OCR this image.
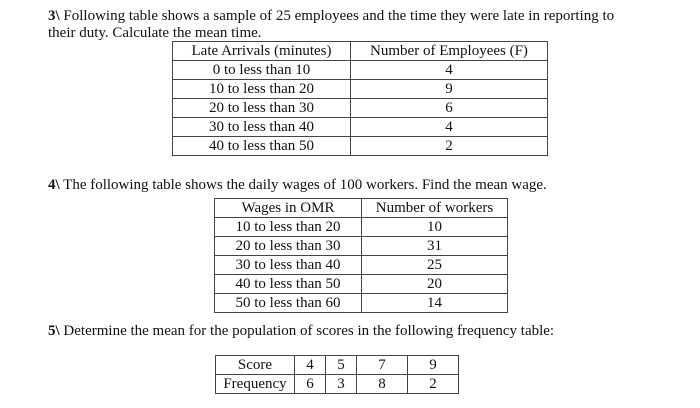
3\ Following table shows a sample of 25 employees and the time they were late in reporting to
their duty. Calculate the mean time.
Late Arrivals (minutes)	Number of Employees (F)
0 to less than 10	4
10 to less than 20	9
20 to less than 30	6
30 to less than 40	4
40 to less than 50	2
4\ The following table shows the daily wages of 100 workers. Find the mean wage.
Wages in OMR	Number of workers
10 to less than 20	10
20 to less than 30	31
30 to less than 40	25
40 to less than 50	20
50 to less than 60	14
5\ Determine the mean for the population of scores in the following frequency table:
Score	4	5	7	9
Frequency	6	3	8	2
